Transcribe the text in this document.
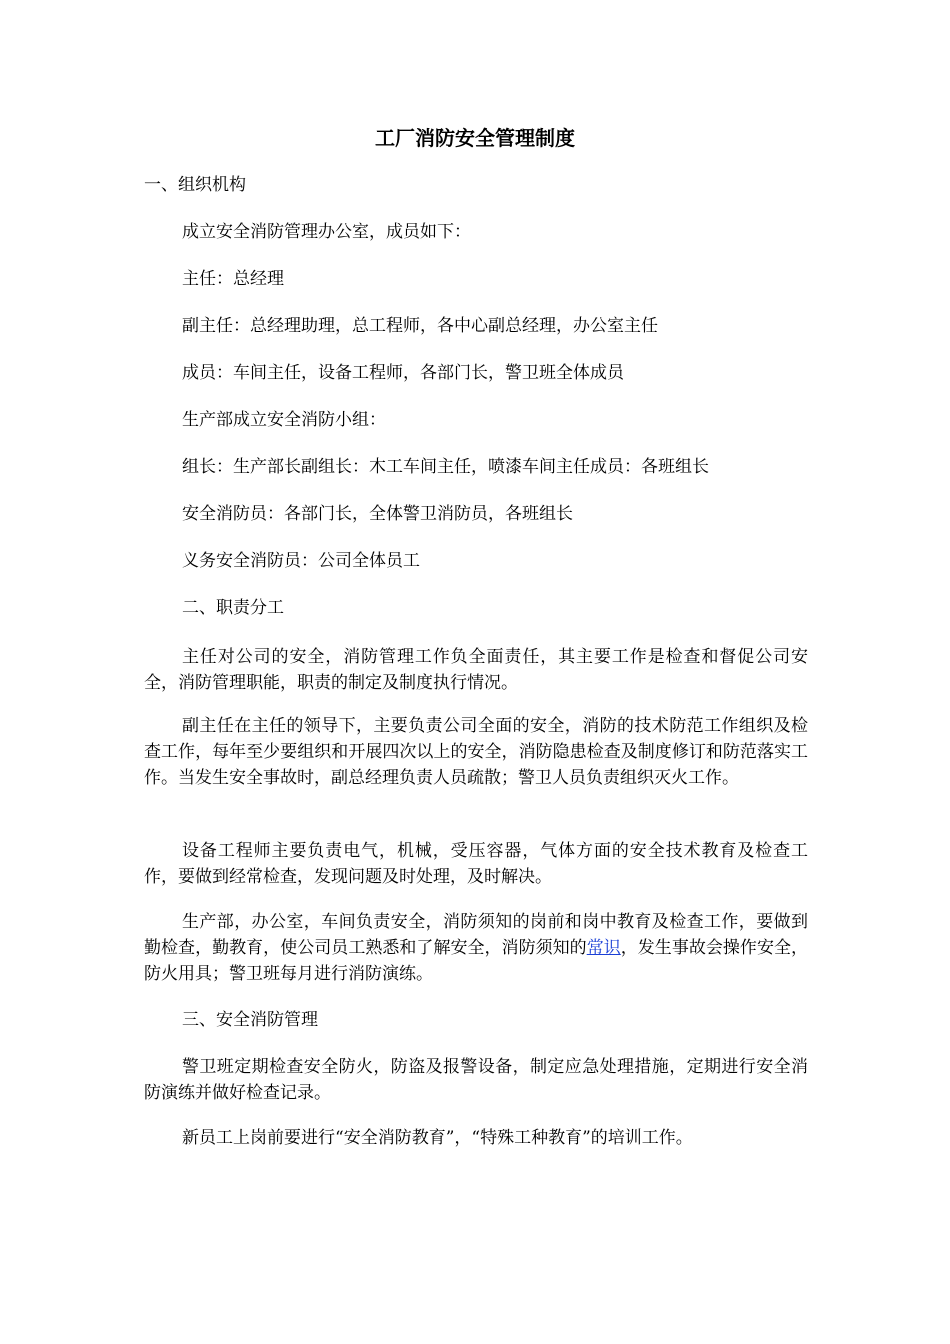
工厂消防安全管理制度

一、组织机构

成立安全消防管理办公室，成员如下：

主任：总经理

副主任：总经理助理，总工程师，各中心副总经理，办公室主任

成员：车间主任，设备工程师，各部门长，警卫班全体成员

生产部成立安全消防小组：

组长：生产部长副组长：木工车间主任，喷漆车间主任成员：各班组长

安全消防员：各部门长，全体警卫消防员，各班组长

义务安全消防员：公司全体员工

二、职责分工

主任对公司的安全，消防管理工作负全面责任，其主要工作是检查和督促公司安全，消防管理职能，职责的制定及制度执行情况。

副主任在主任的领导下，主要负责公司全面的安全，消防的技术防范工作组织及检查工作，每年至少要组织和开展四次以上的安全，消防隐患检查及制度修订和防范落实工作。当发生安全事故时，副总经理负责人员疏散；警卫人员负责组织灭火工作。

设备工程师主要负责电气，机械，受压容器，气体方面的安全技术教育及检查工作，要做到经常检查，发现问题及时处理，及时解决。

生产部，办公室，车间负责安全，消防须知的岗前和岗中教育及检查工作，要做到勤检查，勤教育，使公司员工熟悉和了解安全，消防须知的常识，发生事故会操作安全，防火用具；警卫班每月进行消防演练。

三、安全消防管理

警卫班定期检查安全防火，防盗及报警设备，制定应急处理措施，定期进行安全消防演练并做好检查记录。

新员工上岗前要进行“安全消防教育”，“特殊工种教育”的培训工作。
